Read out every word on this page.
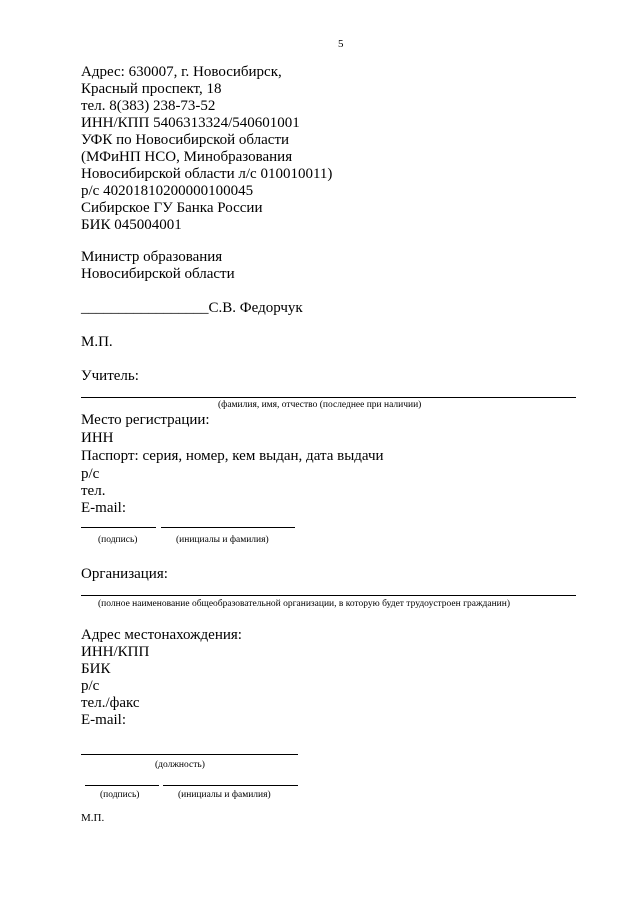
5
Адрес: 630007, г. Новосибирск,
Красный проспект, 18
тел. 8(383) 238-73-52
ИНН/КПП 5406313324/540601001
УФК по Новосибирской области
(МФиНП НСО, Минобразования
Новосибирской области л/с 010010011)
р/с 40201810200000100045
Сибирское ГУ Банка России
БИК 045004001
Министр образования
Новосибирской области
_________________С.В. Федорчук
М.П.
Учитель:
(фамилия, имя, отчество (последнее при наличии)
Место регистрации:
ИНН
Паспорт: серия, номер, кем выдан, дата выдачи
р/с
тел.
E-mail:
(подпись)	(инициалы и фамилия)
Организация:
(полное наименование общеобразовательной организации, в которую будет трудоустроен гражданин)
Адрес местонахождения:
ИНН/КПП
БИК
р/с
тел./факс
E-mail:
(должность)
(подпись)	(инициалы и фамилия)
М.П.
